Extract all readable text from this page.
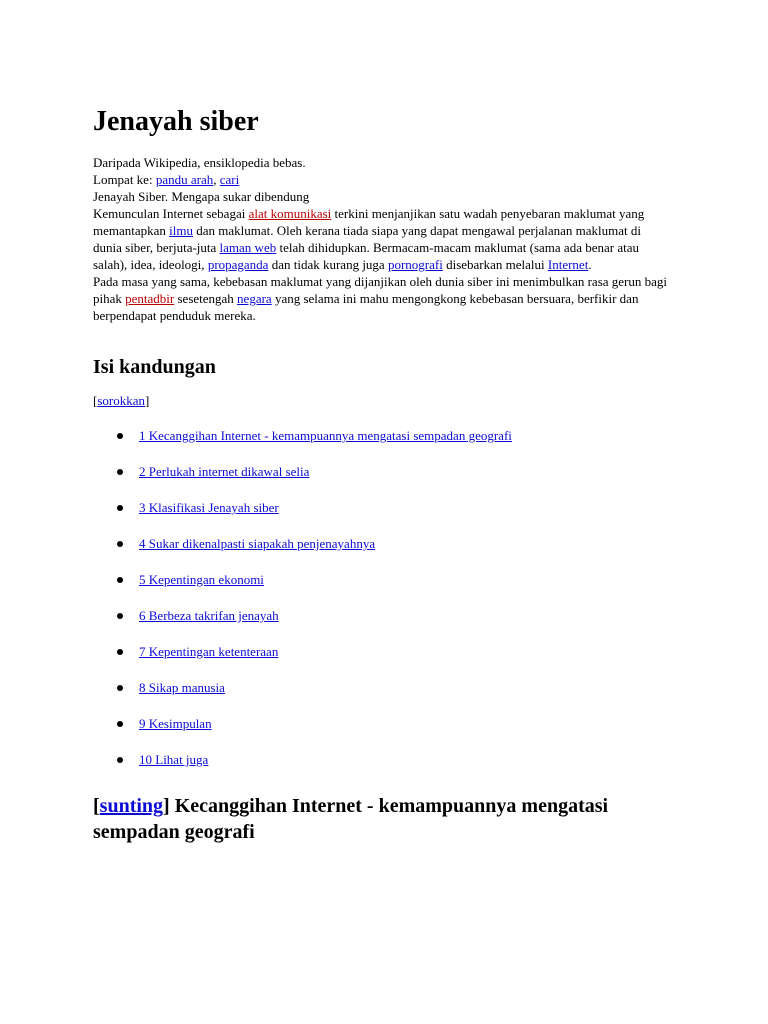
Jenayah siber
Daripada Wikipedia, ensiklopedia bebas.
Lompat ke: pandu arah, cari

Jenayah Siber. Mengapa sukar dibendung

Kemunculan Internet sebagai alat komunikasi terkini menjanjikan satu wadah penyebaran maklumat yang memantapkan ilmu dan maklumat. Oleh kerana tiada siapa yang dapat mengawal perjalanan maklumat di dunia siber, berjuta-juta laman web telah dihidupkan. Bermacam-macam maklumat (sama ada benar atau salah), idea, ideologi, propaganda dan tidak kurang juga pornografi disebarkan melalui Internet.

Pada masa yang sama, kebebasan maklumat yang dijanjikan oleh dunia siber ini menimbulkan rasa gerun bagi pihak pentadbir sesetengah negara yang selama ini mahu mengongkong kebebasan bersuara, berfikir dan berpendapat penduduk mereka.

Isi kandungan
[sorokkan]
1 Kecanggihan Internet - kemampuannya mengatasi sempadan geografi
2 Perlukah internet dikawal selia
3 Klasifikasi Jenayah siber
4 Sukar dikenalpasti siapakah penjenayahnya
5 Kepentingan ekonomi
6 Berbeza takrifan jenayah
7 Kepentingan ketenteraan
8 Sikap manusia
9 Kesimpulan
10 Lihat juga
[sunting] Kecanggihan Internet - kemampuannya mengatasi sempadan geografi
